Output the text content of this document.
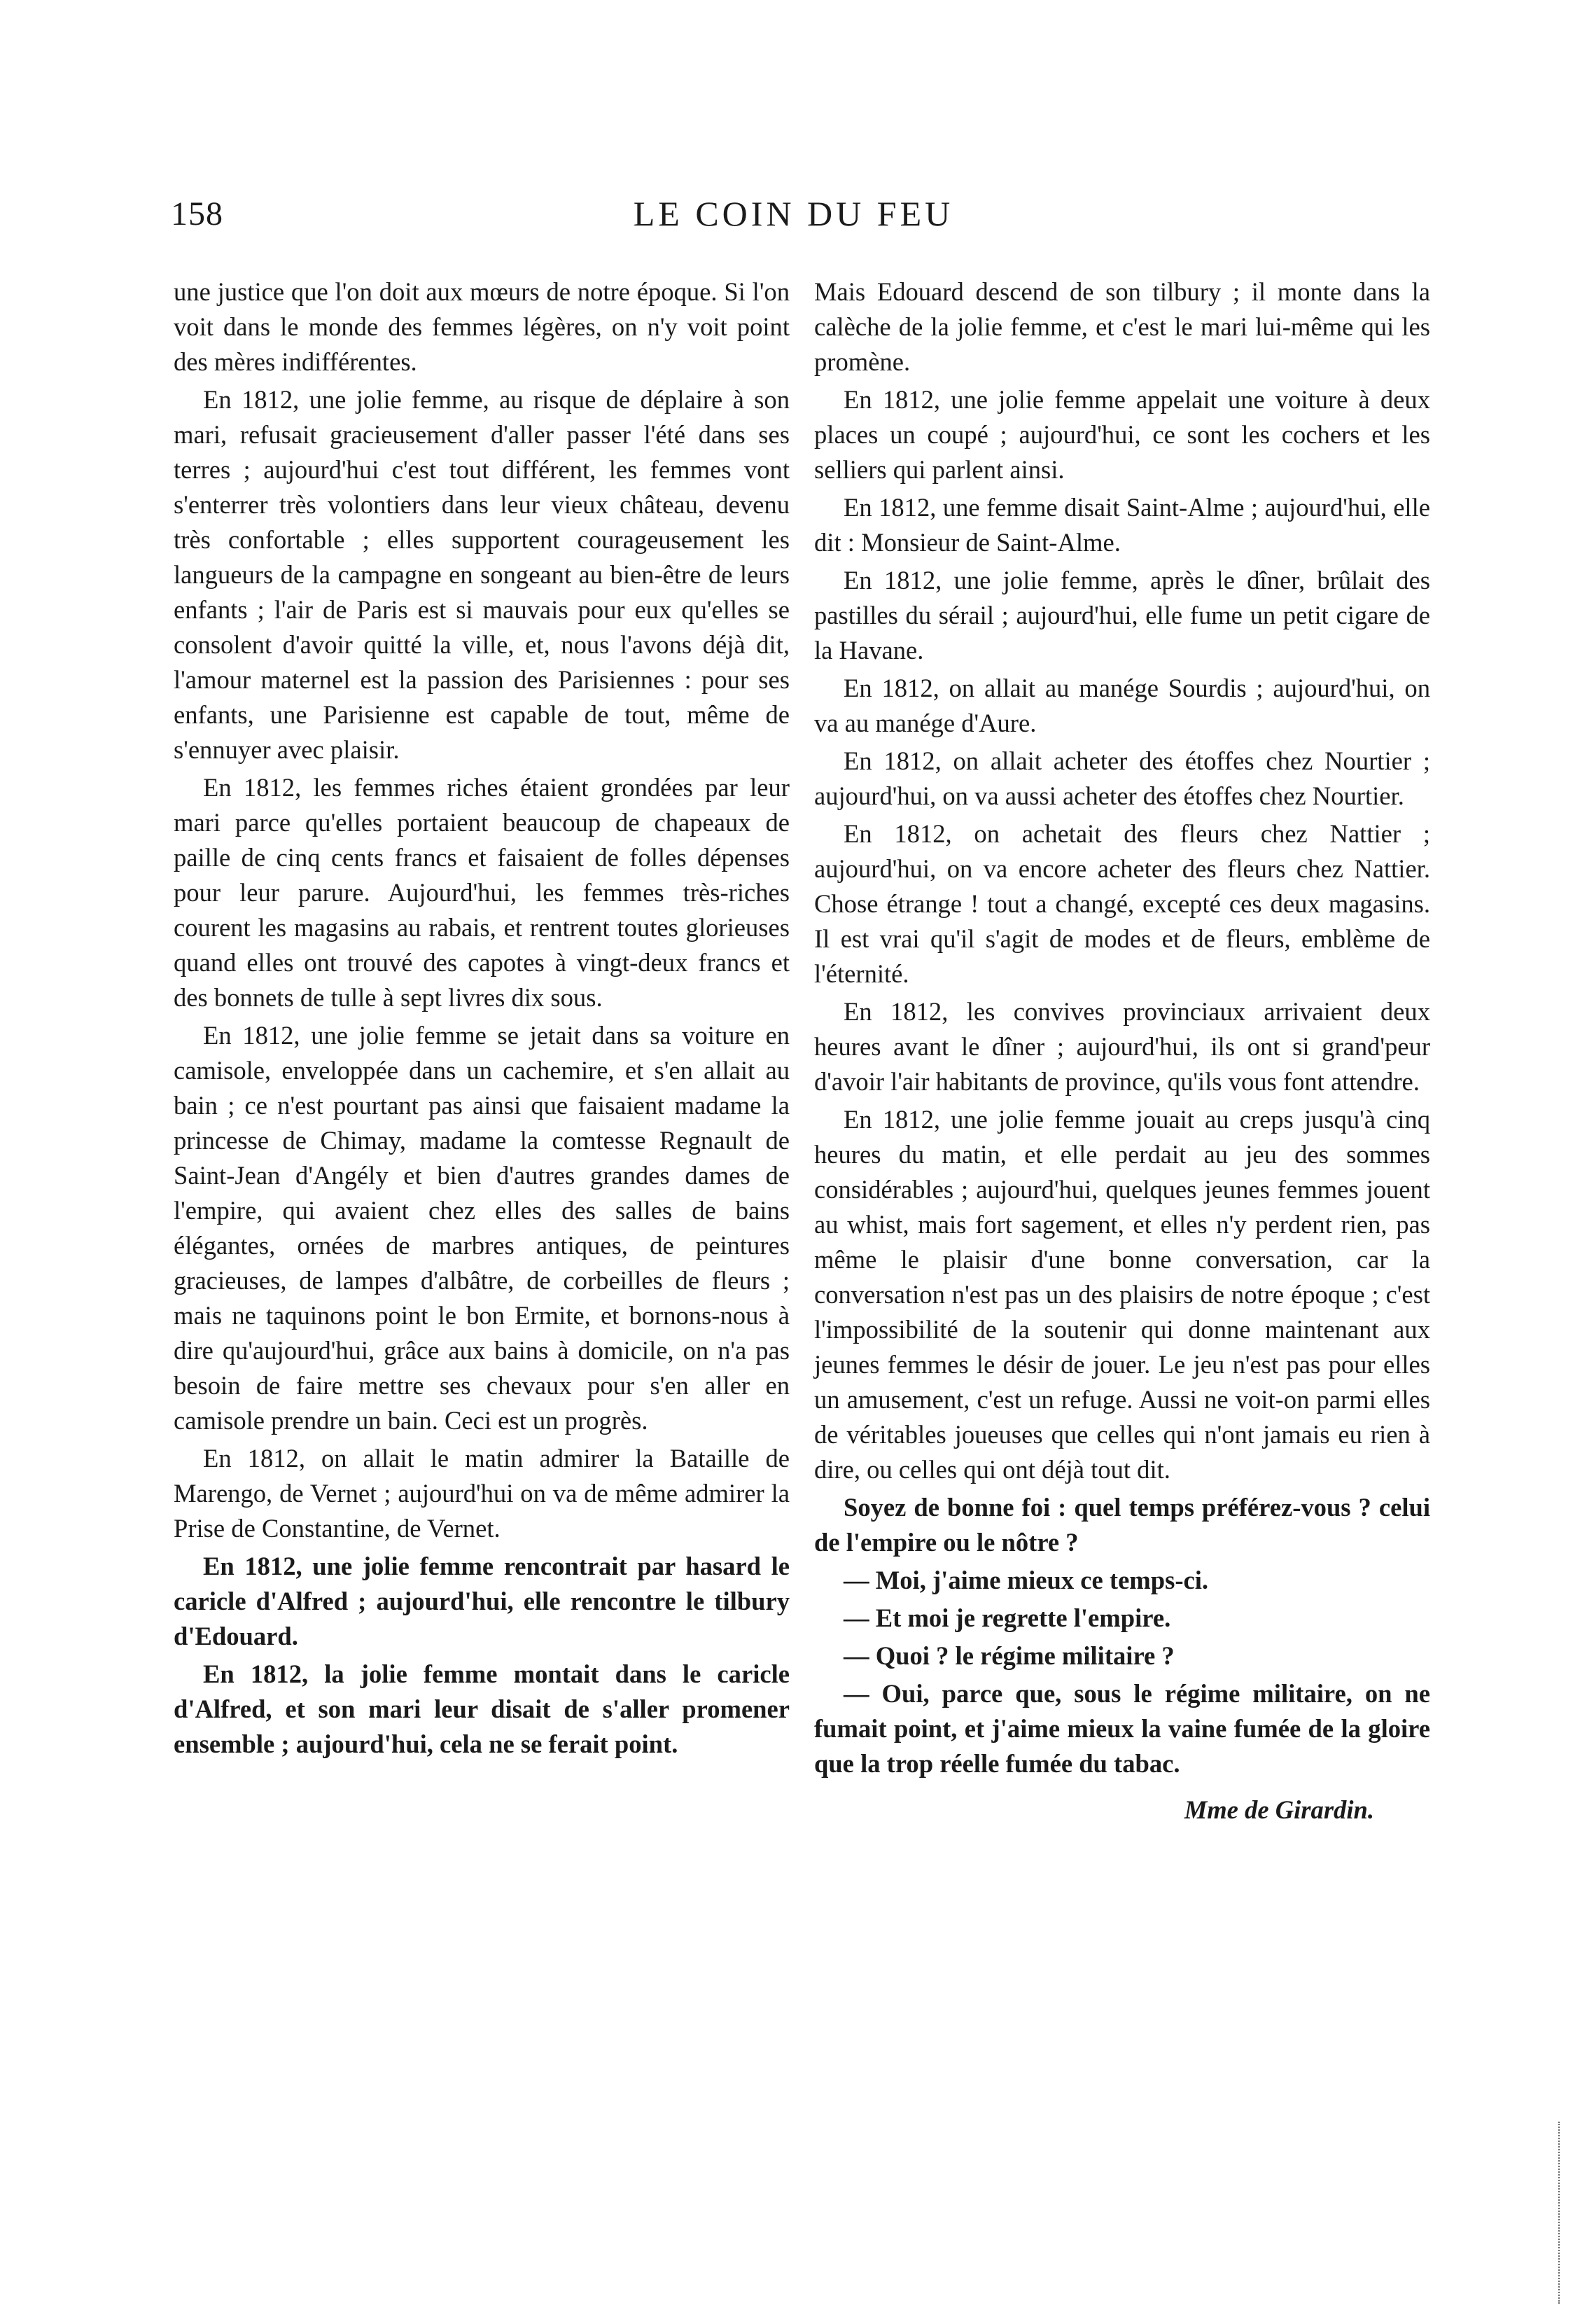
158	LE COIN DU FEU

une justice que l'on doit aux mœurs de notre époque. Si l'on voit dans le monde des femmes légères, on n'y voit point des mères indifférentes.

En 1812, une jolie femme, au risque de déplaire à son mari, refusait gracieusement d'aller passer l'été dans ses terres ; aujourd'hui c'est tout différent, les femmes vont s'enterrer très volontiers dans leur vieux château, devenu très confortable ; elles supportent courageusement les langueurs de la campagne en songeant au bien-être de leurs enfants ; l'air de Paris est si mauvais pour eux qu'elles se consolent d'avoir quitté la ville, et, nous l'avons déjà dit, l'amour maternel est la passion des Parisiennes : pour ses enfants, une Parisienne est capable de tout, même de s'ennuyer avec plaisir.

En 1812, les femmes riches étaient grondées par leur mari parce qu'elles portaient beaucoup de chapeaux de paille de cinq cents francs et faisaient de folles dépenses pour leur parure. Aujourd'hui, les femmes très-riches courent les magasins au rabais, et rentrent toutes glorieuses quand elles ont trouvé des capotes à vingt-deux francs et des bonnets de tulle à sept livres dix sous.

En 1812, une jolie femme se jetait dans sa voiture en camisole, enveloppée dans un cachemire, et s'en allait au bain ; ce n'est pourtant pas ainsi que faisaient madame la princesse de Chimay, madame la comtesse Regnault de Saint-Jean d'Angély et bien d'autres grandes dames de l'empire, qui avaient chez elles des salles de bains élégantes, ornées de marbres antiques, de peintures gracieuses, de lampes d'albâtre, de corbeilles de fleurs ; mais ne taquinons point le bon Ermite, et bornons-nous à dire qu'aujourd'hui, grâce aux bains à domicile, on n'a pas besoin de faire mettre ses chevaux pour s'en aller en camisole prendre un bain. Ceci est un progrès.

En 1812, on allait le matin admirer la Bataille de Marengo, de Vernet ; aujourd'hui on va de même admirer la Prise de Constantine, de Vernet.

En 1812, une jolie femme rencontrait par hasard le caricle d'Alfred ; aujourd'hui, elle rencontre le tilbury d'Edouard.

En 1812, la jolie femme montait dans le caricle d'Alfred, et son mari leur disait de s'aller promener ensemble ; aujourd'hui, cela ne se ferait point.

Mais Edouard descend de son tilbury ; il monte dans la calèche de la jolie femme, et c'est le mari lui-même qui les promène.

En 1812, une jolie femme appelait une voiture à deux places un coupé ; aujourd'hui, ce sont les cochers et les selliers qui parlent ainsi.

En 1812, une femme disait Saint-Alme ; aujourd'hui, elle dit : Monsieur de Saint-Alme.

En 1812, une jolie femme, après le dîner, brûlait des pastilles du sérail ; aujourd'hui, elle fume un petit cigare de la Havane.

En 1812, on allait au manége Sourdis ; aujourd'hui, on va au manége d'Aure.

En 1812, on allait acheter des étoffes chez Nourtier ; aujourd'hui, on va aussi acheter des étoffes chez Nourtier.

En 1812, on achetait des fleurs chez Nattier ; aujourd'hui, on va encore acheter des fleurs chez Nattier. Chose étrange ! tout a changé, excepté ces deux magasins. Il est vrai qu'il s'agit de modes et de fleurs, emblème de l'éternité.

En 1812, les convives provinciaux arrivaient deux heures avant le dîner ; aujourd'hui, ils ont si grand'peur d'avoir l'air habitants de province, qu'ils vous font attendre.

En 1812, une jolie femme jouait au creps jusqu'à cinq heures du matin, et elle perdait au jeu des sommes considérables ; aujourd'hui, quelques jeunes femmes jouent au whist, mais fort sagement, et elles n'y perdent rien, pas même le plaisir d'une bonne conversation, car la conversation n'est pas un des plaisirs de notre époque ; c'est l'impossibilité de la soutenir qui donne maintenant aux jeunes femmes le désir de jouer. Le jeu n'est pas pour elles un amusement, c'est un refuge. Aussi ne voit-on parmi elles de véritables joueuses que celles qui n'ont jamais eu rien à dire, ou celles qui ont déjà tout dit.

Soyez de bonne foi : quel temps préférez-vous ? celui de l'empire ou le nôtre ?

— Moi, j'aime mieux ce temps-ci.

— Et moi je regrette l'empire.

— Quoi ? le régime militaire ?

— Oui, parce que, sous le régime militaire, on ne fumait point, et j'aime mieux la vaine fumée de la gloire que la trop réelle fumée du tabac.

Mme de Girardin.
